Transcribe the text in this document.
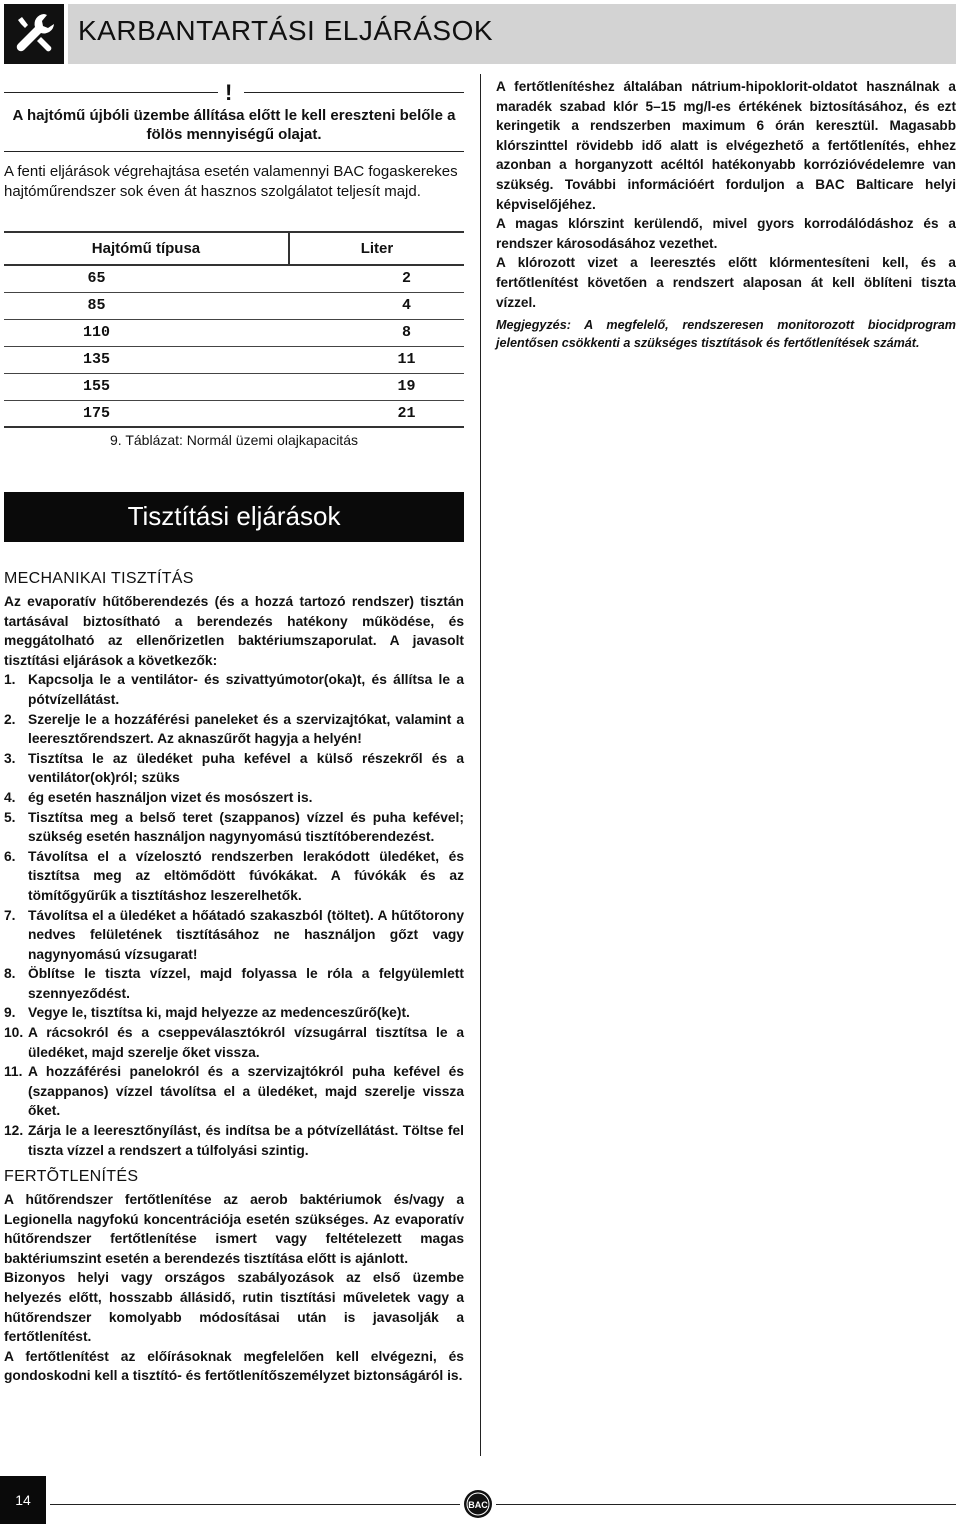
KARBANTARTÁSI ELJÁRÁSOK
!
A hajtómű újbóli üzembe állítása előtt le kell ereszteni belőle a fölös mennyiségű olajat.
A fenti eljárások végrehajtása esetén valamennyi BAC fogaskerekes hajtóműrendszer sok éven át hasznos szolgálatot teljesít majd.
Hajtómű típusa	Liter
65	2
85	4
110	8
135	11
155	19
175	21
9. Táblázat: Normál üzemi olajkapacitás

A fertőtlenítéshez általában nátrium-hipoklorit-oldatot használnak a maradék szabad klór 5–15 mg/l-es értékének biztosításához, és ezt keringetik a rendszerben maximum 6 órán keresztül. Magasabb klórszinttel rövidebb idő alatt is elvégezhető a fertőtlenítés, ehhez azonban a horganyzott acéltól hatékonyabb korrózióvédelemre van szükség. További információért forduljon a BAC Balticare helyi képviselőjéhez.

A magas klórszint kerülendő, mivel gyors korrodálódáshoz és a rendszer károsodásához vezethet.

A klórozott vizet a leeresztés előtt klórmentesíteni kell, és a fertőtlenítést követően a rendszert alaposan át kell öblíteni tiszta vízzel.

Megjegyzés: A megfelelő, rendszeresen monitorozott biocidprogram jelentősen csökkenti a szükséges tisztítások és fertőtlenítések számát.

Tisztítási eljárások
MECHANIKAI TISZTÍTÁS

Az evaporatív hűtőberendezés (és a hozzá tartozó rendszer) tisztán tartásával biztosítható a berendezés hatékony működése, és meggátolható az ellenőrizetlen baktériumszaporulat. A javasolt tisztítási eljárások a következők:

1. Kapcsolja le a ventilátor- és szivattyúmotor(oka)t, és állítsa le a pótvízellátást.
2. Szerelje le a hozzáférési paneleket és a szervizajtókat, valamint a leeresztőrendszert. Az aknaszűrőt hagyja a helyén!
3. Tisztítsa le az üledéket puha kefével a külső részekről és a ventilátor(ok)ról; szüks
4. ég esetén használjon vizet és mosószert is.
5. Tisztítsa meg a belső teret (szappanos) vízzel és puha kefével; szükség esetén használjon nagynyomású tisztítóberendezést.
6. Távolítsa el a vízelosztó rendszerben lerakódott üledéket, és tisztítsa meg az eltömődött fúvókákat. A fúvókák és az tömítőgyűrűk a tisztításhoz leszerelhetők.
7. Távolítsa el a üledéket a hőátadó szakaszból (töltet). A hűtőtorony nedves felületének tisztításához ne használjon gőzt vagy nagynyomású vízsugarat!
8. Öblítse le tiszta vízzel, majd folyassa le róla a felgyülemlett szennyeződést.
9. Vegye le, tisztítsa ki, majd helyezze az medenceszűrő(ke)t.
10. A rácsokról és a cseppeválasztókról vízsugárral tisztítsa le a üledéket, majd szerelje őket vissza.
11. A hozzáférési panelokról és a szervizajtókról puha kefével és (szappanos) vízzel távolítsa el a üledéket, majd szerelje vissza őket.
12. Zárja le a leeresztőnyílást, és indítsa be a pótvízellátást. Töltse fel tiszta vízzel a rendszert a túlfolyási szintig.
FERTÕTLENÍTÉS

A hűtőrendszer fertőtlenítése az aerob baktériumok és/vagy a Legionella nagyfokú koncentrációja esetén szükséges. Az evaporatív hűtőrendszer fertőtlenítése ismert vagy feltételezett magas baktériumszint esetén a berendezés tisztítása előtt is ajánlott.

Bizonyos helyi vagy országos szabályozások az első üzembe helyezés előtt, hosszabb állásidő, rutin tisztítási műveletek vagy a hűtőrendszer komolyabb módosításai után is javasolják a fertőtlenítést.

A fertőtlenítést az előírásoknak megfelelően kell elvégezni, és gondoskodni kell a tisztító- és fertőtlenítőszemélyzet biztonságáról is.

14	BAC
